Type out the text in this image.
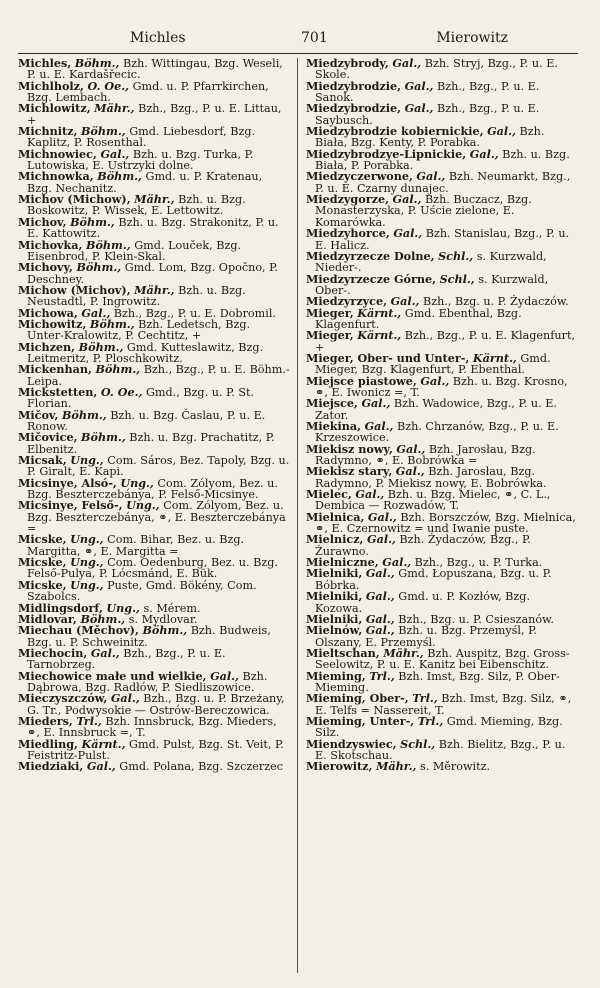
Michles	701	Mierowitz

Michles, Böhm., Bzh. Wittingau, Bzg. Weseli, P. u. E. Kardašřecic.

Michlholz, O. Oe., Gmd. u. P. Pfarrkirchen, Bzg. Lembach.

Michlowitz, Mähr., Bzh., Bzg., P. u. E. Littau, +

Michnitz, Böhm., Gmd. Liebesdorf, Bzg. Kaplitz, P. Rosenthal.

Michnowiec, Gal., Bzh. u. Bzg. Turka, P. Lutowiska, E. Ustrzyki dolne.

Michnowka, Böhm., Gmd. u. P. Kratenau, Bzg. Nechanitz.

Michov (Michow), Mähr., Bzh. u. Bzg. Boskowitz, P. Wissek, E. Lettowitz.

Michov, Böhm., Bzh. u. Bzg. Strakonitz, P. u. E. Kattowitz.

Michovka, Böhm., Gmd. Louček, Bzg. Eisenbrod, P. Klein-Skal.

Michovy, Böhm., Gmd. Lom, Bzg. Opočno, P. Deschney.

Michow (Michov), Mähr., Bzh. u. Bzg. Neustadtl, P. Ingrowitz.

Michowa, Gal., Bzh., Bzg., P. u. E. Dobromil.

Michowitz, Böhm., Bzh. Ledetsch, Bzg. Unter-Kralowitz, P. Cechtitz, +

Michzen, Böhm., Gmd. Kutteslawitz, Bzg. Leitmeritz, P. Ploschkowitz.

Mickenhan, Böhm., Bzh., Bzg., P. u. E. Böhm.-Leipa.

Mickstetten, O. Oe., Gmd., Bzg. u. P. St. Florian.

Mičov, Böhm., Bzh. u. Bzg. Časlau, P. u. E. Ronow.

Mičovice, Böhm., Bzh. u. Bzg. Prachatitz, P. Elbenitz.

Micsak, Ung., Com. Sáros, Bez. Tapoly, Bzg. u. P. Giralt, E. Kapi.

Micsinye, Alsó-, Ung., Com. Zólyom, Bez. u. Bzg. Beszterczebánya, P. Felső-Micsinye.

Micsinye, Felső-, Ung., Com. Zólyom, Bez. u. Bzg. Beszterczebánya, ⚭, E. Beszterczebánya =

Micske, Ung., Com. Bihar, Bez. u. Bzg. Margitta, ⚭, E. Margitta =

Micske, Ung., Com. Oedenburg, Bez. u. Bzg. Felső-Pulya, P. Lócsmánd, E. Bük.

Micske, Ung., Puste, Gmd. Bökény, Com. Szabolcs.

Midlingsdorf, Ung., s. Mérem.

Midlovar, Böhm., s. Mydlovar.

Miechau (Měchov), Böhm., Bzh. Budweis, Bzg. u. P. Schweinitz.

Miechocin, Gal., Bzh., Bzg., P. u. E. Tarnobrzeg.

Miechowice małe und wielkie, Gal., Bzh. Dąbrowa, Bzg. Radłów, P. Siedliszowice.

Mieczyszczów, Gal., Bzh., Bzg. u. P. Brzeżany, G. Tr., Podwysokie — Ostrów-Bereczowica.

Mieders, Trl., Bzh. Innsbruck, Bzg. Mieders, ⚭, E. Innsbruck =, T.

Miedling, Kärnt., Gmd. Pulst, Bzg. St. Veit, P. Feistritz-Pulst.

Miedziaki, Gal., Gmd. Polana, Bzg. Szczerzec

Miedzybrody, Gal., Bzh. Stryj, Bzg., P. u. E. Skole.

Miedzybrodzie, Gal., Bzh., Bzg., P. u. E. Sanok.

Miedzybrodzie, Gal., Bzh., Bzg., P. u. E. Saybusch.

Miedzybrodzie kobiernickie, Gal., Bzh. Biała, Bzg. Kenty, P. Porabka.

Miedzybrodzye-Lipnickie, Gal., Bzh. u. Bzg. Biała, P. Porabka.

Miedzyczerwone, Gal., Bzh. Neumarkt, Bzg., P. u. E. Czarny dunajec.

Miedzygorze, Gal., Bzh. Buczacz, Bzg. Monasterzyska, P. Uście zielone, E. Komarówka.

Miedzyhorce, Gal., Bzh. Stanislau, Bzg., P. u. E. Halicz.

Miedzyrzecze Dolne, Schl., s. Kurzwald, Nieder-.

Miedzyrzecze Górne, Schl., s. Kurzwald, Ober-.

Miedzyrzyce, Gal., Bzh., Bzg. u. P. Żydaczów.

Mieger, Kärnt., Gmd. Ebenthal, Bzg. Klagenfurt.

Mieger, Kärnt., Bzh., Bzg., P. u. E. Klagenfurt, +

Mieger, Ober- und Unter-, Kärnt., Gmd. Mieger, Bzg. Klagenfurt, P. Ebenthal.

Miejsce piastowe, Gal., Bzh. u. Bzg. Krosno, ⚭, E. Iwonicz =, T.

Miejsce, Gal., Bzh. Wadowice, Bzg., P. u. E. Zator.

Miekina, Gal., Bzh. Chrzanów, Bzg., P. u. E. Krzeszowice.

Miekisz nowy, Gal., Bzh. Jarosłau, Bzg. Radymno, ⚭, E. Bobrówka =

Miekisz stary, Gal., Bzh. Jarosłau, Bzg. Radymno, P. Miekisz nowy, E. Bobrówka.

Mielec, Gal., Bzh. u. Bzg. Mielec, ⚭, C. L., Dembica — Rozwadów, T.

Mielnica, Gal., Bzh. Borszczów, Bzg. Mielnica, ⚭, E. Czernowitz = und Iwanie puste.

Mielnicz, Gal., Bzh. Żydaczów, Bzg., P. Żurawno.

Mielniczne, Gal., Bzh., Bzg., u. P. Turka.

Mielniki, Gal., Gmd. Łopuszana, Bzg. u. P. Bóbrka.

Mielniki, Gal., Gmd. u. P. Kozłów, Bzg. Kozowa.

Mielniki, Gal., Bzh., Bzg. u. P. Csieszanów.

Mielnów, Gal., Bzh. u. Bzg. Przemyśl, P. Olszany, E. Przemyśl.

Mieltschan, Mähr., Bzh. Auspitz, Bzg. Gross-Seelowitz, P. u. E. Kanitz bei Eibenschitz.

Mieming, Trl., Bzh. Imst, Bzg. Silz, P. Ober-Mieming.

Mieming, Ober-, Trl., Bzh. Imst, Bzg. Silz, ⚭, E. Telfs = Nassereit, T.

Mieming, Unter-, Trl., Gmd. Mieming, Bzg. Silz.

Miendzyswiec, Schl., Bzh. Bielitz, Bzg., P. u. E. Skotschau.

Mierowitz, Mähr., s. Měrowitz.
